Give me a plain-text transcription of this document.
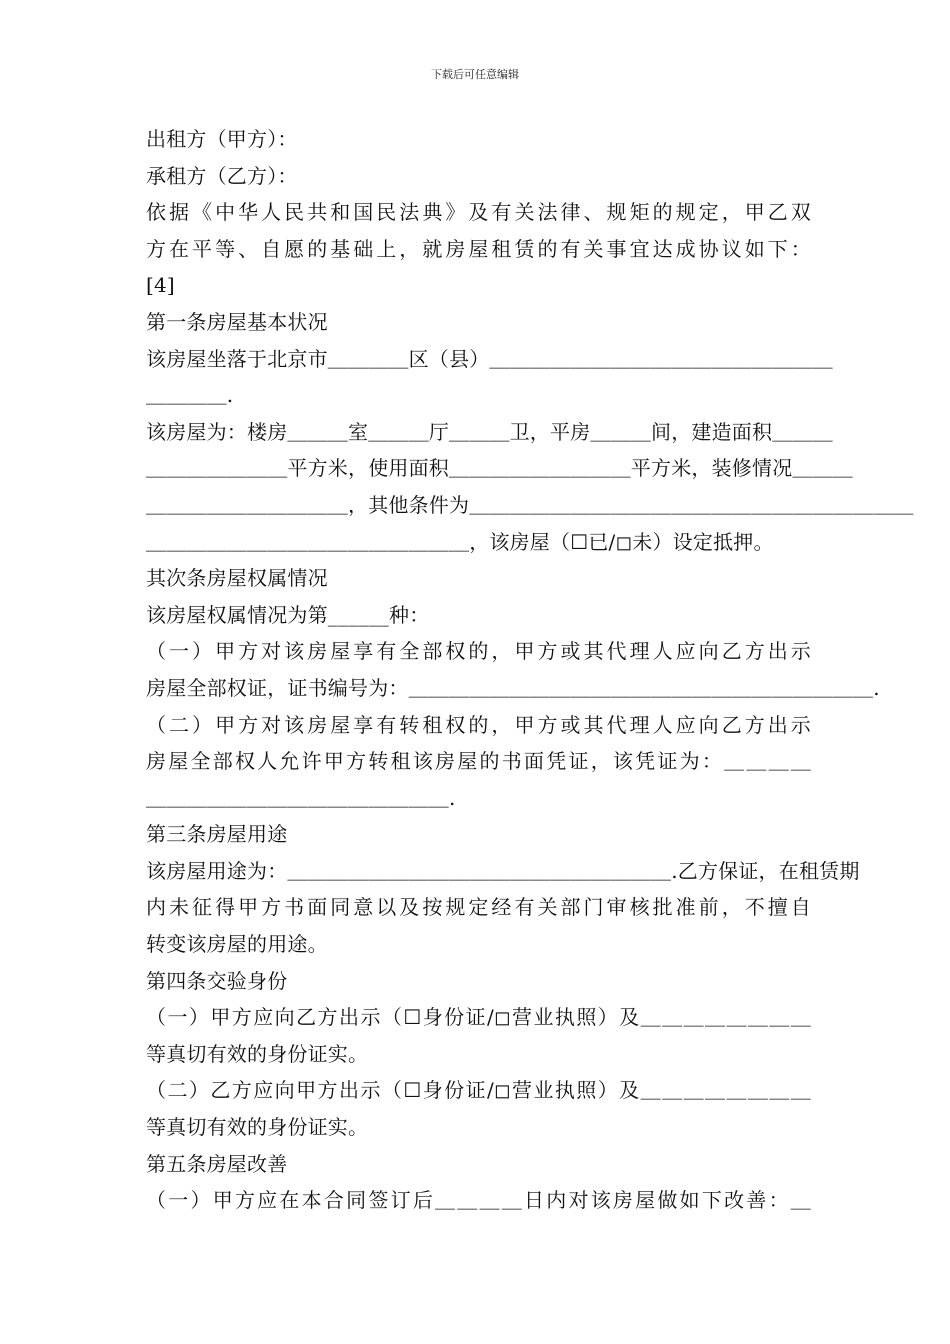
下载后可任意编辑
出租方（甲方）：
承租方（乙方）：
依据《中华人民共和国民法典》及有关法律、规矩的规定，甲乙双
方在平等、自愿的基础上，就房屋租赁的有关事宜达成协议如下：
[4]
第一条房屋基本状况
该房屋坐落于北京市＿＿＿＿区（县）＿＿＿＿＿＿＿＿＿＿＿＿＿＿＿＿＿
＿＿＿＿.
该房屋为：楼房＿＿＿室＿＿＿厅＿＿＿卫，平房＿＿＿间，建造面积＿＿＿
＿＿＿＿＿＿＿平方米，使用面积＿＿＿＿＿＿＿＿＿平方米，装修情况＿＿＿
＿＿＿＿＿＿＿＿＿＿，其他条件为＿＿＿＿＿＿＿＿＿＿＿＿＿＿＿＿＿＿＿＿＿＿
＿＿＿＿＿＿＿＿＿＿＿＿＿＿＿＿，该房屋（☐已/◻未）设定抵押。
其次条房屋权属情况
该房屋权属情况为第______种：
（一）甲方对该房屋享有全部权的，甲方或其代理人应向乙方出示
房屋全部权证，证书编号为：＿＿＿＿＿＿＿＿＿＿＿＿＿＿＿＿＿＿＿＿＿＿＿.
（二）甲方对该房屋享有转租权的，甲方或其代理人应向乙方出示
房屋全部权人允许甲方转租该房屋的书面凭证，该凭证为：＿＿＿＿
＿＿＿＿＿＿＿＿＿＿＿＿＿＿＿.
第三条房屋用途
该房屋用途为：＿＿＿＿＿＿＿＿＿＿＿＿＿＿＿＿＿＿＿.乙方保证，在租赁期
内未征得甲方书面同意以及按规定经有关部门审核批准前，不擅自
转变该房屋的用途。
第四条交验身份
（一）甲方应向乙方出示（☐身份证/◻营业执照）及＿＿＿＿＿＿＿＿
等真切有效的身份证实。
（二）乙方应向甲方出示（☐身份证/◻营业执照）及＿＿＿＿＿＿＿＿
等真切有效的身份证实。
第五条房屋改善
（一）甲方应在本合同签订后＿＿＿＿日内对该房屋做如下改善：＿
